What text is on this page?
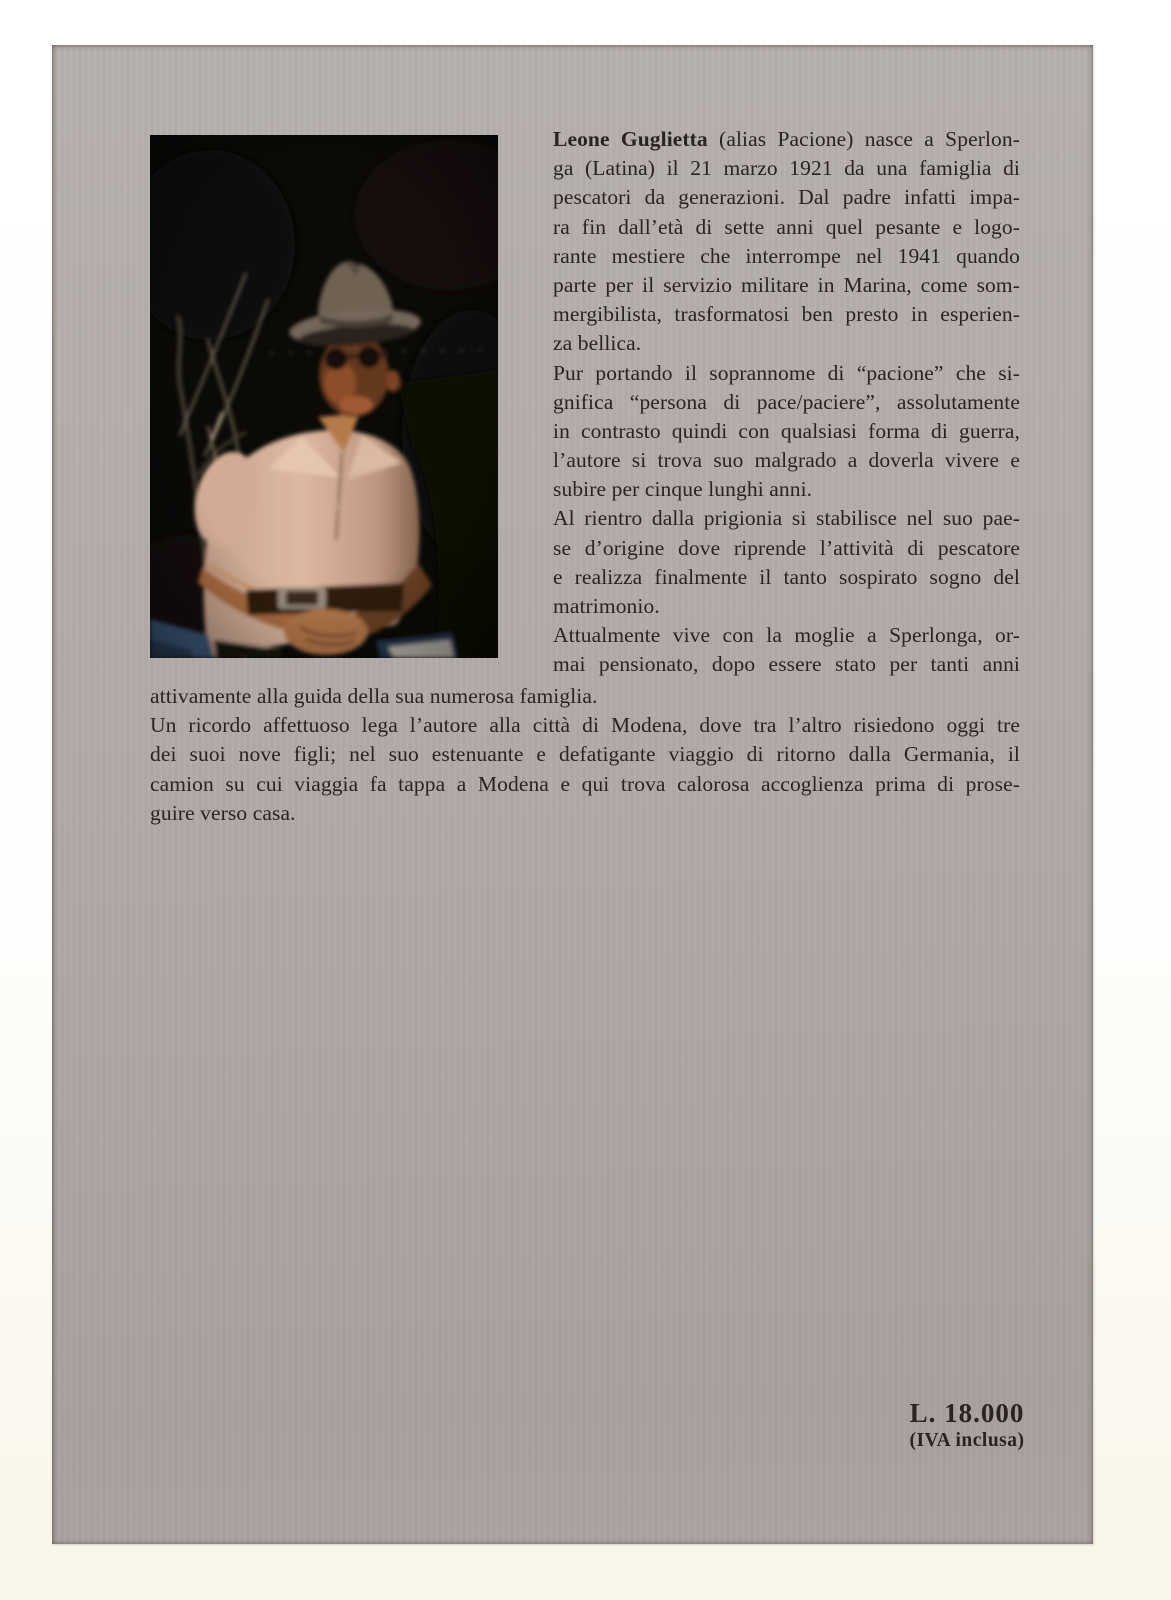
Leone Guglietta (alias Pacione) nasce a Sperlon-
ga (Latina) il 21 marzo 1921 da una famiglia di
pescatori da generazioni. Dal padre infatti impa-
ra fin dall’età di sette anni quel pesante e logo-
rante mestiere che interrompe nel 1941 quando
parte per il servizio militare in Marina, come som-
mergibilista, trasformatosi ben presto in esperien-
za bellica.
Pur portando il soprannome di “pacione” che si-
gnifica “persona di pace/paciere”, assolutamente
in contrasto quindi con qualsiasi forma di guerra,
l’autore si trova suo malgrado a doverla vivere e
subire per cinque lunghi anni.
Al rientro dalla prigionia si stabilisce nel suo pae-
se d’origine dove riprende l’attività di pescatore
e realizza finalmente il tanto sospirato sogno del
matrimonio.
Attualmente vive con la moglie a Sperlonga, or-
mai pensionato, dopo essere stato per tanti anni
attivamente alla guida della sua numerosa famiglia.
Un ricordo affettuoso lega l’autore alla città di Modena, dove tra l’altro risiedono oggi tre
dei suoi nove figli; nel suo estenuante e defatigante viaggio di ritorno dalla Germania, il
camion su cui viaggia fa tappa a Modena e qui trova calorosa accoglienza prima di prose-
guire verso casa.
L. 18.000
(IVA inclusa)
